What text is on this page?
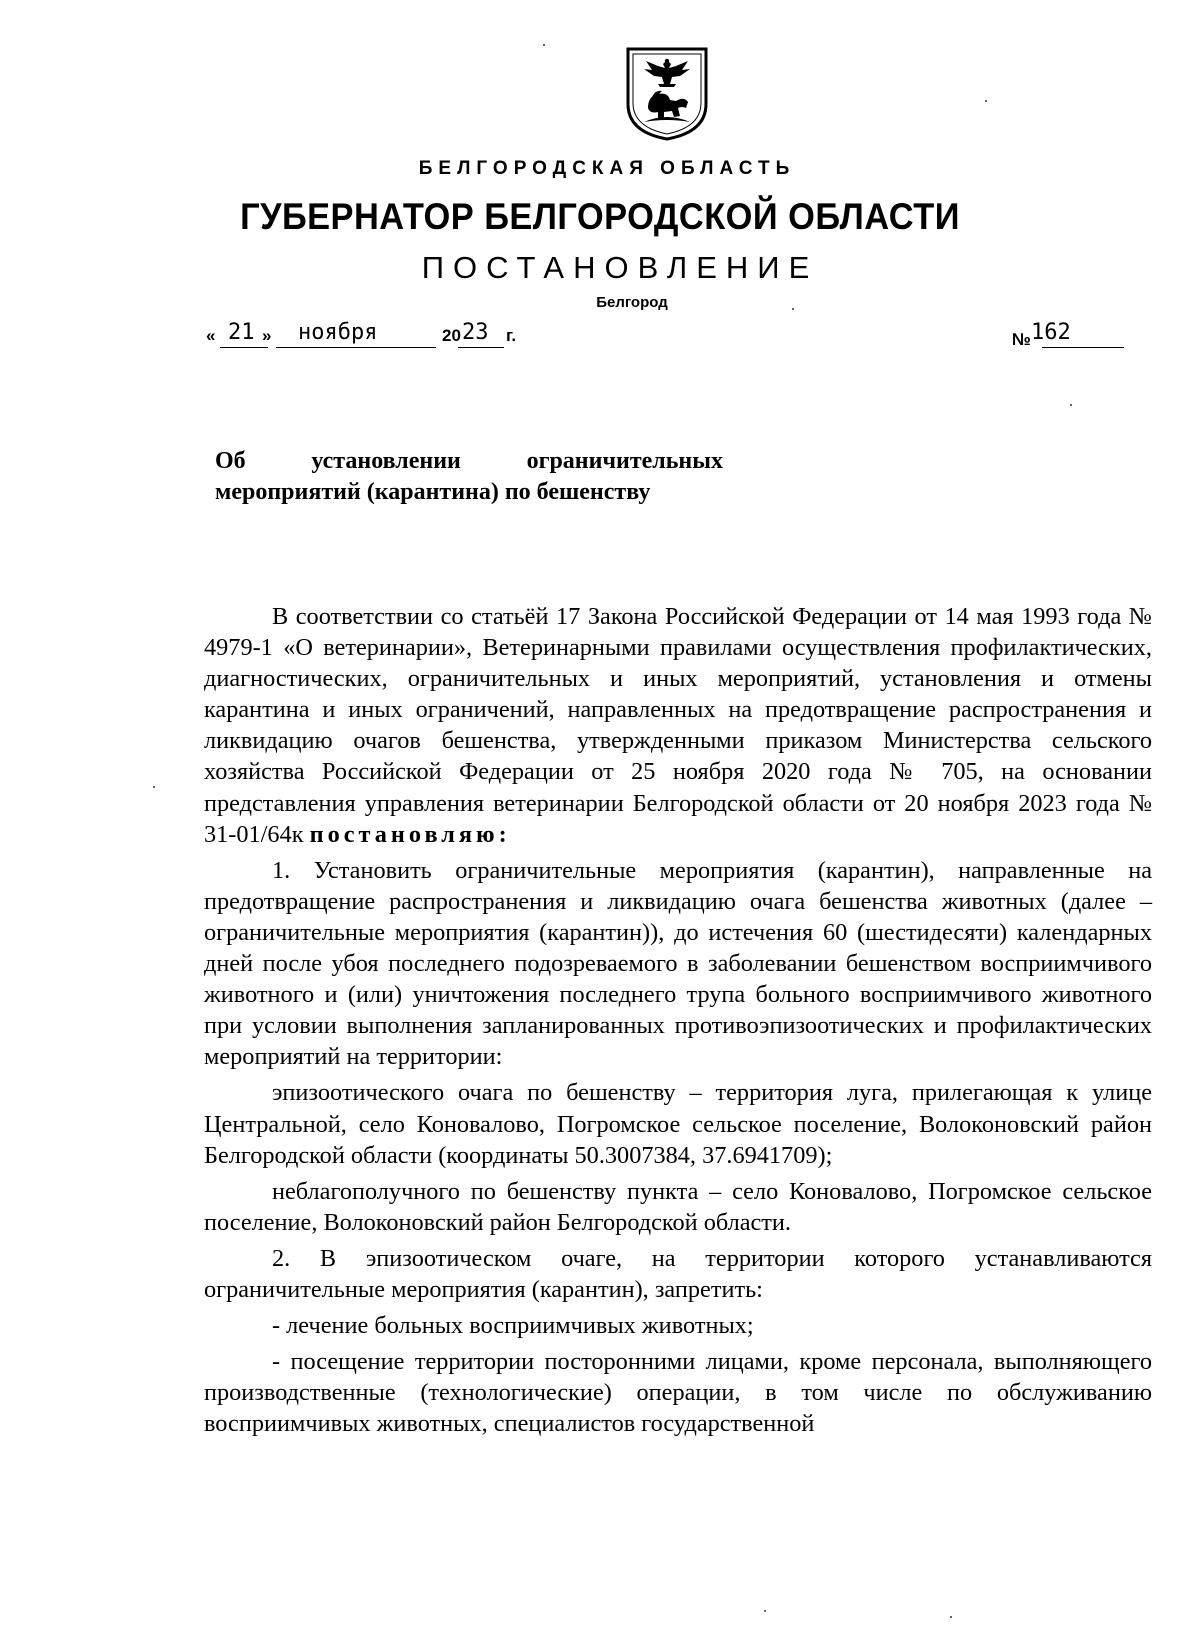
БЕЛГОРОДСКАЯ ОБЛАСТЬ
ГУБЕРНАТОР БЕЛГОРОДСКОЙ ОБЛАСТИ
ПОСТАНОВЛЕНИЕ
Белгород
« 21 » ноября	20 23 г.	№162
Об установлении ограничительных
мероприятий (карантина) по бешенству

В соответствии со статьёй 17 Закона Российской Федерации от 14 мая 1993 года № 4979-1 «О ветеринарии», Ветеринарными правилами осуществления профилактических, диагностических, ограничительных и иных мероприятий, установления и отмены карантина и иных ограничений, направленных на предотвращение распространения и ликвидацию очагов бешенства, утвержденными приказом Министерства сельского хозяйства Российской Федерации от 25 ноября 2020 года № 705, на основании представления управления ветеринарии Белгородской области от 20 ноября 2023 года № 31-01/64к постановляю:

1. Установить ограничительные мероприятия (карантин), направленные на предотвращение распространения и ликвидацию очага бешенства животных (далее – ограничительные мероприятия (карантин)), до истечения 60 (шестидесяти) календарных дней после убоя последнего подозреваемого в заболевании бешенством восприимчивого животного и (или) уничтожения последнего трупа больного восприимчивого животного при условии выполнения запланированных противоэпизоотических и профилактических мероприятий на территории:

эпизоотического очага по бешенству – территория луга, прилегающая к улице Центральной, село Коновалово, Погромское сельское поселение, Волоконовский район Белгородской области (координаты 50.3007384, 37.6941709);

неблагополучного по бешенству пункта – село Коновалово, Погромское сельское поселение, Волоконовский район Белгородской области.

2. В эпизоотическом очаге, на территории которого устанавливаются ограничительные мероприятия (карантин), запретить:

- лечение больных восприимчивых животных;

- посещение территории посторонними лицами, кроме персонала, выполняющего производственные (технологические) операции, в том числе по обслуживанию восприимчивых животных, специалистов государственной
